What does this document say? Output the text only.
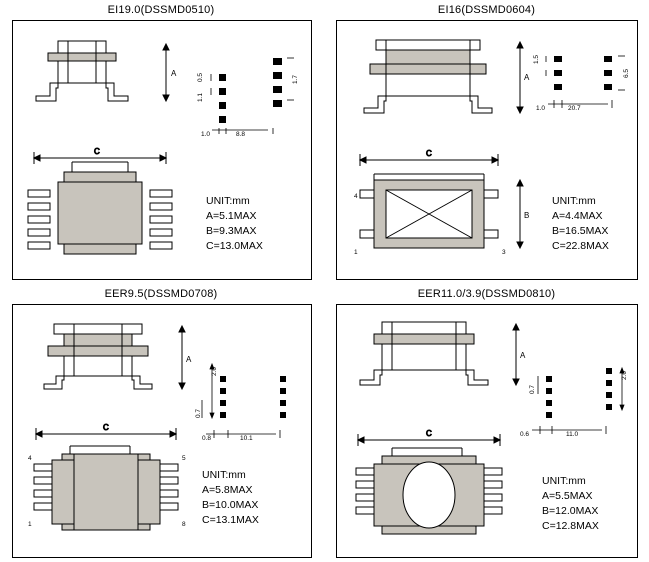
EI19.0(DSSMD0510)
A	0.5
1.1
1.7
1.0	8.8
C
UNIT:mm
A=5.1MAX
B=9.3MAX
C=13.0MAX
EI16(DSSMD0604)
A
1.5
6.5
1.0	20.7
C
B
4
1	3
UNIT:mm
A=4.4MAX
B=16.5MAX
C=22.8MAX
EER9.5(DSSMD0708)
A
2.0
0.7
0.8	10.1
C
4	5
1	8
UNIT:mm
A=5.8MAX
B=10.0MAX
C=13.1MAX
EER11.0/3.9(DSSMD0810)
A
0.7
2.0
0.6	11.0
C
UNIT:mm
A=5.5MAX
B=12.0MAX
C=12.8MAX
